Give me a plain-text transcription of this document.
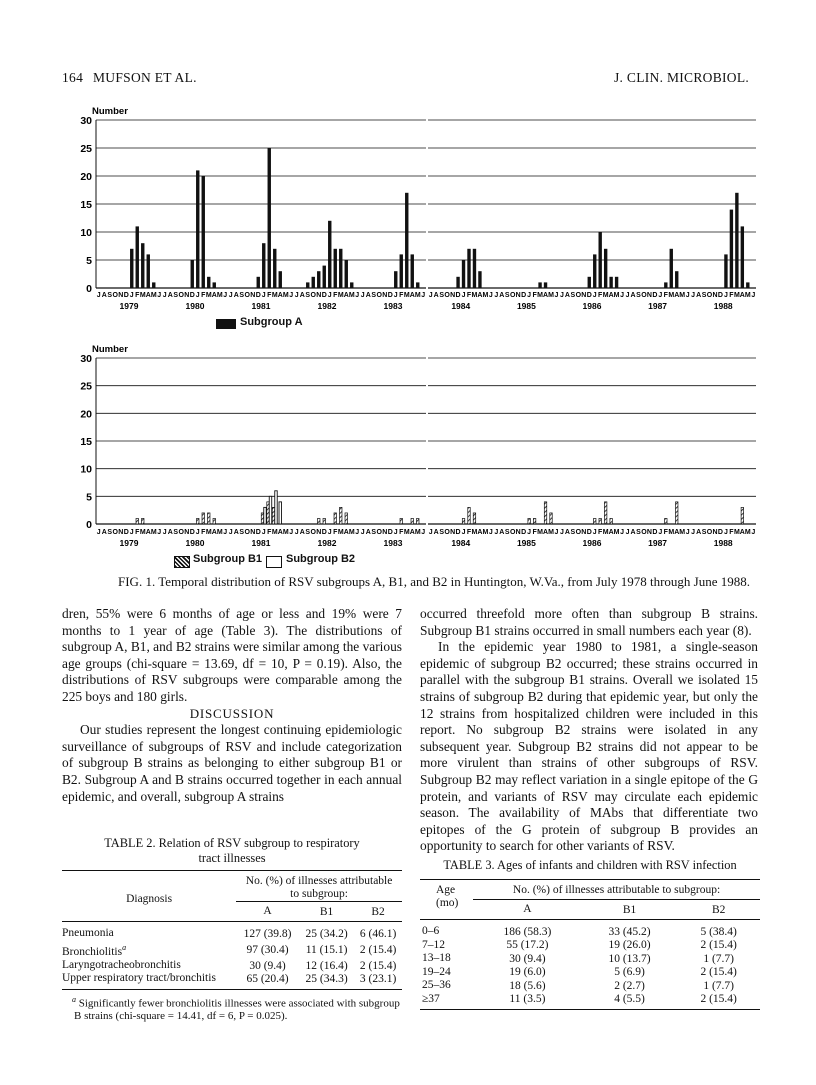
164 MUFSON ET AL.	J. CLIN. MICROBIOL.
0
5
10
15
20
25
30
Number
J A S O N D J F M A M J
1979
J A S O N D J F M A M J
1980
J A S O N D J F M A M J
1981
J A S O N D J F M A M J
1982
J A S O N D J F M A M J
1983
J A S O N D J F M A M J
1984
J A S O N D J F M A M J
1985
J A S O N D J F M A M J
1986
J A S O N D J F M A M J
1987
J A S O N D J F M A M J
1988
0
5
10
15
20
25
30
Number
J A S O N D J F M A M J
1979
J A S O N D J F M A M J
1980
J A S O N D J F M A M J
1981
J A S O N D J F M A M J
1982
J A S O N D J F M A M J
1983
J A S O N D J F M A M J
1984
J A S O N D J F M A M J
1985
J A S O N D J F M A M J
1986
J A S O N D J F M A M J
1987
J A S O N D J F M A M J
1988
Subgroup A
Subgroup B1 Subgroup B2
FIG. 1. Temporal distribution of RSV subgroups A, B1, and B2 in Huntington, W.Va., from July 1978 through June 1988.

dren, 55% were 6 months of age or less and 19% were 7 months to 1 year of age (Table 3). The distributions of subgroup A, B1, and B2 strains were similar among the various age groups (chi-square = 13.69, df = 10, P = 0.19). Also, the distributions of RSV subgroups were comparable among the 225 boys and 180 girls.

DISCUSSION

Our studies represent the longest continuing epidemiologic surveillance of subgroups of RSV and include categorization of subgroup B strains as belonging to either subgroup B1 or B2. Subgroup A and B strains occurred together in each annual epidemic, and overall, subgroup A strains

occurred threefold more often than subgroup B strains. Subgroup B1 strains occurred in small numbers each year (8).

In the epidemic year 1980 to 1981, a single-season epidemic of subgroup B2 occurred; these strains occurred in parallel with the subgroup B1 strains. Overall we isolated 15 strains of subgroup B2 during that epidemic year, but only the 12 strains from hospitalized children were included in this report. No subgroup B2 strains were isolated in any subsequent year. Subgroup B2 strains did not appear to be more virulent than strains of other subgroups of RSV. Subgroup B2 may reflect variation in a single epitope of the G protein, and variants of RSV may circulate each epidemic season. The availability of MAbs that differentiate two epitopes of the G protein of subgroup B provides an opportunity to search for other variants of RSV.

TABLE 2. Relation of RSV subgroup to respiratory
tract illnesses
Diagnosis	No. (%) of illnesses attributable
to subgroup:		

	A	B1	B2
Pneumonia	127 (39.8)	25 (34.2)	6 (46.1)
Bronchiolitis$^a$	97 (30.4)	11 (15.1)	2 (15.4)
Laryngotracheobronchitis	30 (9.4)	12 (16.4)	2 (15.4)
Upper respiratory tract/bronchitis	65 (20.4)	25 (34.3)	3 (23.1)
$^a$ Significantly fewer bronchiolitis illnesses were associated with subgroup B strains (chi-square = 14.41, df = 6, P = 0.025).
TABLE 3. Ages of infants and children with RSV infection
Age
(mo)	No. (%) of illnesses attributable to subgroup:		
	A	B1	B2
0–6	186 (58.3)	33 (45.2)	5 (38.4)
7–12	55 (17.2)	19 (26.0)	2 (15.4)
13–18	30 (9.4)	10 (13.7)	1 (7.7)
19–24	19 (6.0)	5 (6.9)	2 (15.4)
25–36	18 (5.6)	2 (2.7)	1 (7.7)
≥37	11 (3.5)	4 (5.5)	2 (15.4)
